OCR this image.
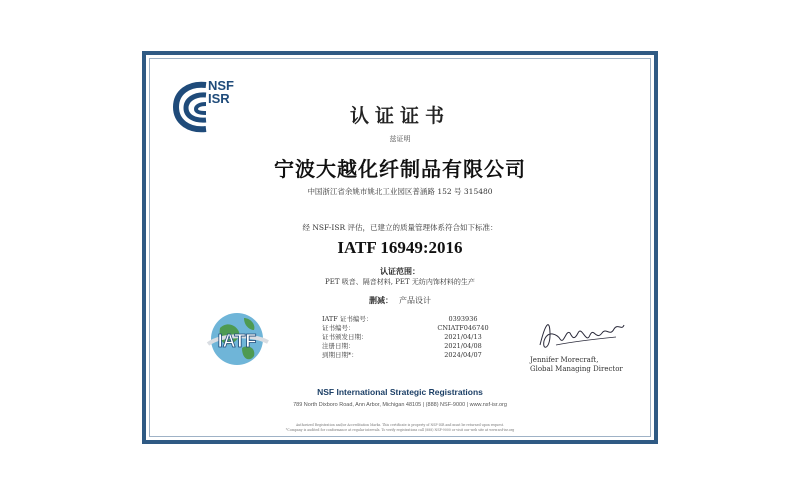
NSF
ISR
认证证书
兹证明
宁波大越化纤制品有限公司
中国浙江省余姚市姚北工业园区普涵路 152 号 315480
经 NSF-ISR 评估，已建立的质量管理体系符合如下标准：
IATF 16949:2016
认证范围：
PET 吸音、隔音材料, PET 无纺内饰材料的生产
删减： 产品设计
IATF
IATF 证书编号：	0393936
证书编号：	CNIATF046740
证书颁发日期：	2021/04/13
注册日期：	2021/04/08
到期日期*：	2024/04/07
Jennifer Morecraft,
Global Managing Director
NSF International Strategic Registrations
789 North Dixboro Road, Ann Arbor, Michigan 48105 | (888) NSF-9000 | www.nsf-isr.org
Authorized Registration and/or Accreditation Marks. This certificate is property of NSF-ISR and must be returned upon request.
*Company is audited for conformance at regular intervals. To verify registrations call (888) NSF-9000 or visit our web site at www.nsf-isr.org
